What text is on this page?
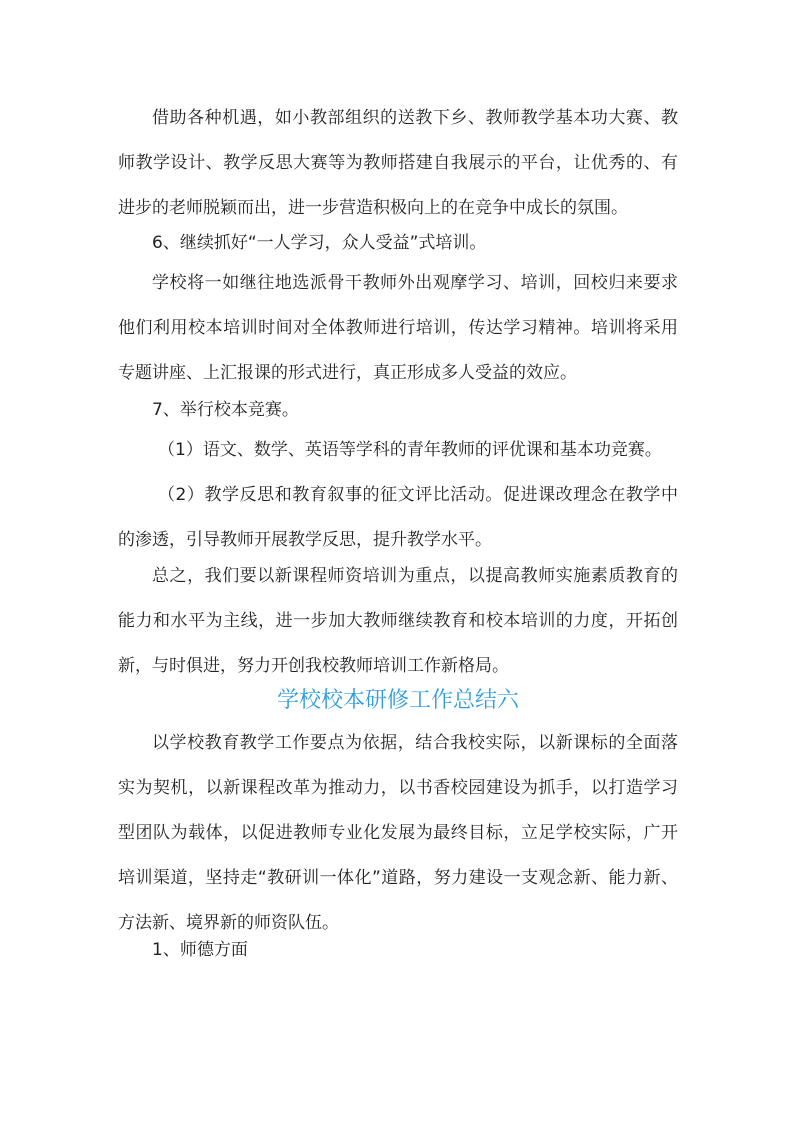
借助各种机遇，如小教部组织的送教下乡、教师教学基本功大赛、教师教学设计、教学反思大赛等为教师搭建自我展示的平台，让优秀的、有进步的老师脱颖而出，进一步营造积极向上的在竞争中成长的氛围。

6、继续抓好“一人学习，众人受益”式培训。

学校将一如继往地选派骨干教师外出观摩学习、培训，回校归来要求他们利用校本培训时间对全体教师进行培训，传达学习精神。培训将采用专题讲座、上汇报课的形式进行，真正形成多人受益的效应。

7、举行校本竞赛。

（1）语文、数学、英语等学科的青年教师的评优课和基本功竞赛。

（2）教学反思和教育叙事的征文评比活动。促进课改理念在教学中的渗透，引导教师开展教学反思，提升教学水平。

总之，我们要以新课程师资培训为重点，以提高教师实施素质教育的能力和水平为主线，进一步加大教师继续教育和校本培训的力度，开拓创新，与时俱进，努力开创我校教师培训工作新格局。

学校校本研修工作总结六

以学校教育教学工作要点为依据，结合我校实际，以新课标的全面落实为契机，以新课程改革为推动力，以书香校园建设为抓手，以打造学习型团队为载体，以促进教师专业化发展为最终目标，立足学校实际，广开培训渠道，坚持走“教研训一体化”道路，努力建设一支观念新、能力新、方法新、境界新的师资队伍。

1、师德方面
